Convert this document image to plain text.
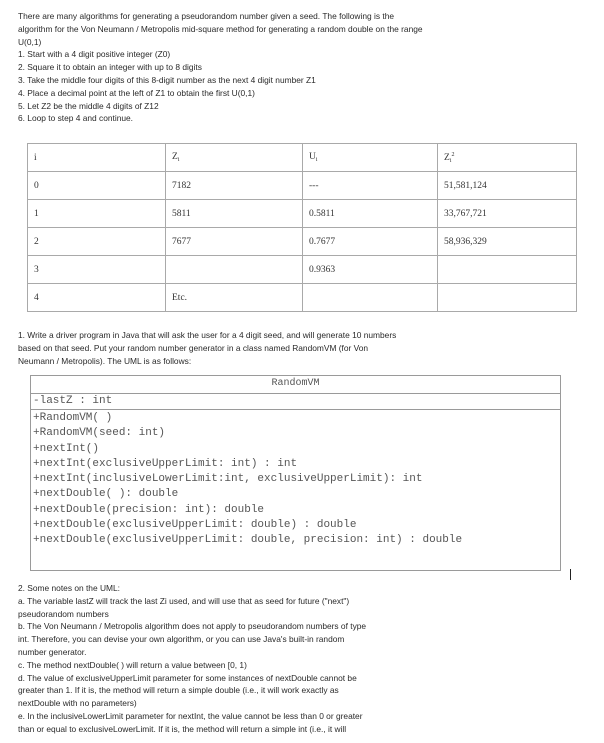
There are many algorithms for generating a pseudorandom number given a seed. The following is the

algorithm for the Von Neumann / Metropolis mid-square method for generating a random double on the range

U(0,1)

1. Start with a 4 digit positive integer (Z0)

2. Square it to obtain an integer with up to 8 digits

3. Take the middle four digits of this 8-digit number as the next 4 digit number Z1

4. Place a decimal point at the left of Z1 to obtain the first U(0,1)

5. Let Z2 be the middle 4 digits of Z12

6. Loop to step 4 and continue.

i	$Z_i$	$U_i$	$Z_i^2$
0	7182	---	51,581,124
1	5811	0.5811	33,767,721
2	7677	0.7677	58,936,329
3		0.9363	
4	Etc.		

1. Write a driver program in Java that will ask the user for a 4 digit seed, and will generate 10 numbers

based on that seed. Put your random number generator in a class named RandomVM (for Von

Neumann / Metropolis). The UML is as follows:

RandomVM
-lastZ : int
+RandomVM( )
+RandomVM(seed: int)
+nextInt()
+nextInt(exclusiveUpperLimit: int) : int
+nextInt(inclusiveLowerLimit:int, exclusiveUpperLimit): int
+nextDouble( ): double
+nextDouble(precision: int): double
+nextDouble(exclusiveUpperLimit: double) : double
+nextDouble(exclusiveUpperLimit: double, precision: int) : double

2. Some notes on the UML:

a. The variable lastZ will track the last Zi used, and will use that as seed for future ("next")

pseudorandom numbers

b. The Von Neumann / Metropolis algorithm does not apply to pseudorandom numbers of type

int. Therefore, you can devise your own algorithm, or you can use Java's built-in random

number generator.

c. The method nextDouble( ) will return a value between [0, 1)

d. The value of exclusiveUpperLimit parameter for some instances of nextDouble cannot be

greater than 1. If it is, the method will return a simple double (i.e., it will work exactly as

nextDouble with no parameters)

e. In the inclusiveLowerLimit parameter for nextInt, the value cannot be less than 0 or greater

than or equal to exclusiveLowerLimit. If it is, the method will return a simple int (i.e., it will
